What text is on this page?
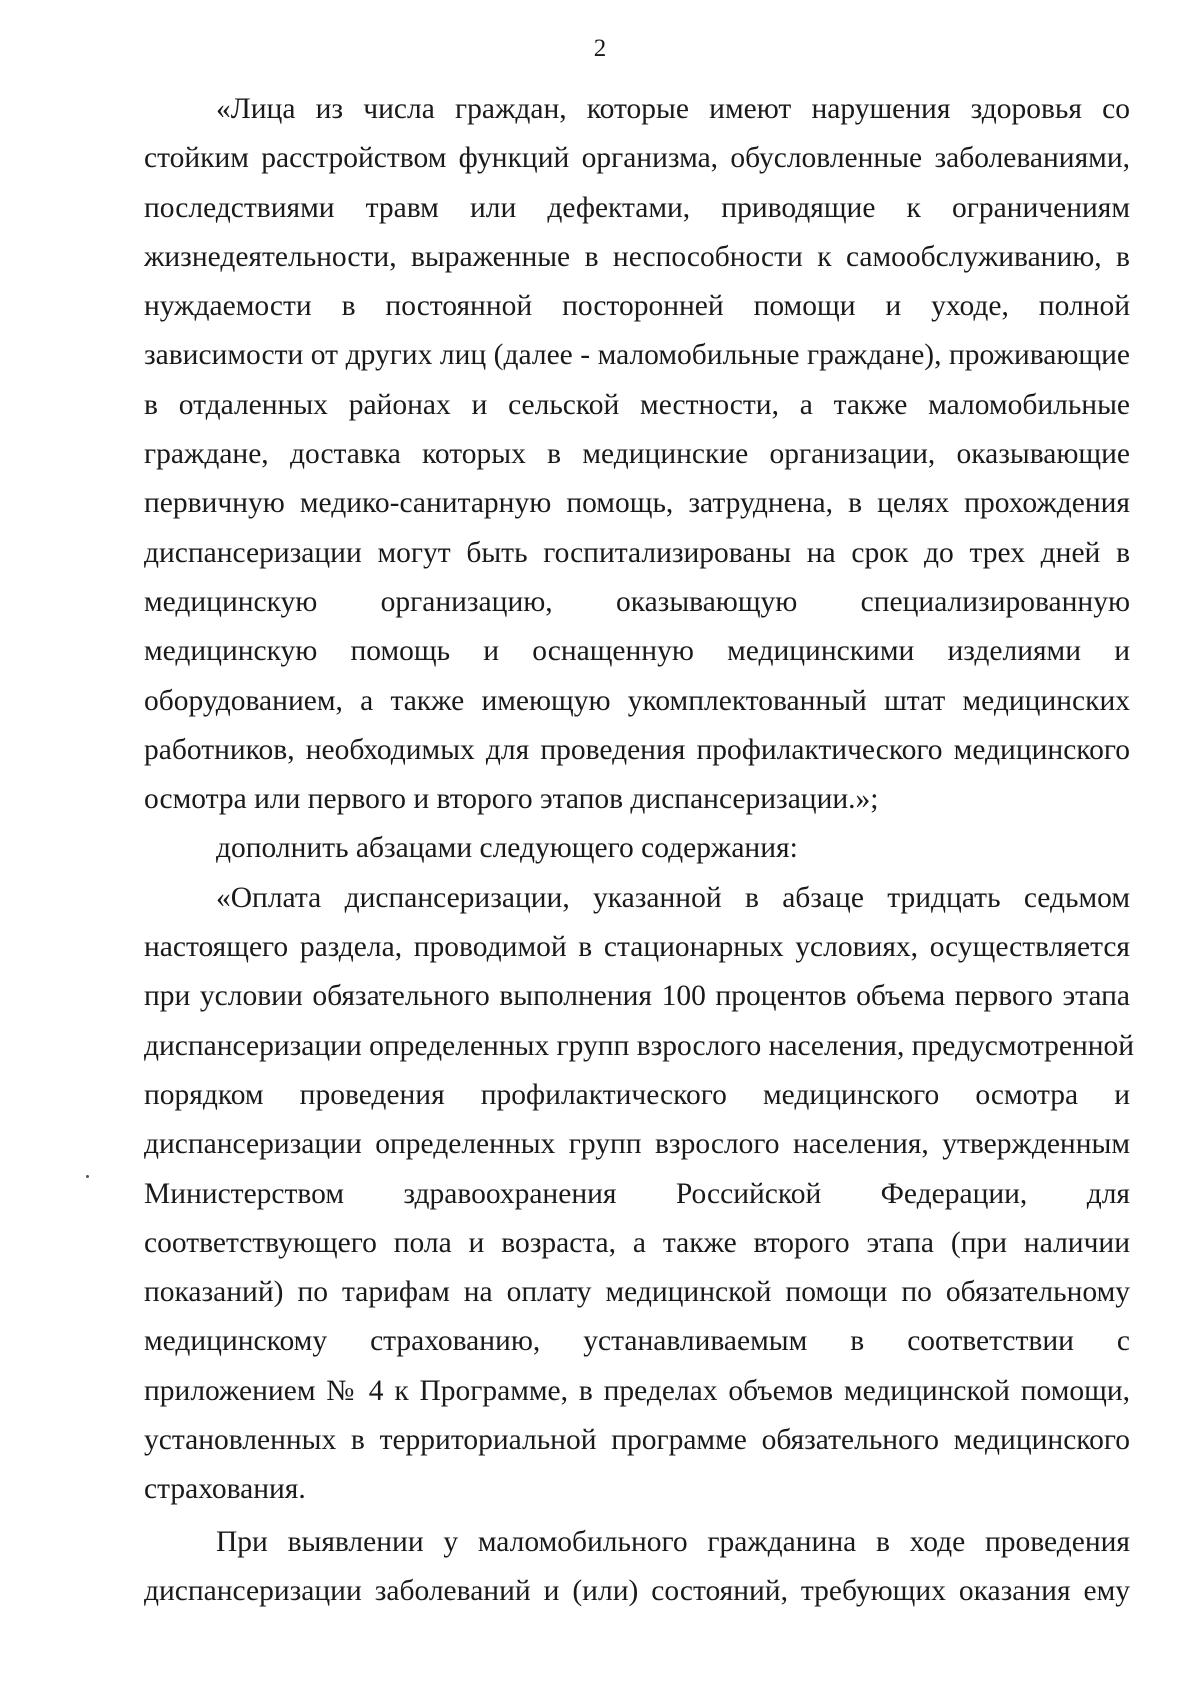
2
«Лица из числа граждан, которые имеют нарушения здоровья со
стойким расстройством функций организма, обусловленные заболеваниями,
последствиями травм или дефектами, приводящие к ограничениям
жизнедеятельности, выраженные в неспособности к самообслуживанию, в
нуждаемости в постоянной посторонней помощи и уходе, полной
зависимости от других лиц (далее - маломобильные граждане), проживающие
в отдаленных районах и сельской местности, а также маломобильные
граждане, доставка которых в медицинские организации, оказывающие
первичную медико-санитарную помощь, затруднена, в целях прохождения
диспансеризации могут быть госпитализированы на срок до трех дней в
медицинскую организацию, оказывающую специализированную
медицинскую помощь и оснащенную медицинскими изделиями и
оборудованием, а также имеющую укомплектованный штат медицинских
работников, необходимых для проведения профилактического медицинского
осмотра или первого и второго этапов диспансеризации.»;
дополнить абзацами следующего содержания:
«Оплата диспансеризации, указанной в абзаце тридцать седьмом
настоящего раздела, проводимой в стационарных условиях, осуществляется
при условии обязательного выполнения 100 процентов объема первого этапа
диспансеризации определенных групп взрослого населения, предусмотренной
порядком проведения профилактического медицинского осмотра и
диспансеризации определенных групп взрослого населения, утвержденным
Министерством здравоохранения Российской Федерации, для
соответствующего пола и возраста, а также второго этапа (при наличии
показаний) по тарифам на оплату медицинской помощи по обязательному
медицинскому страхованию, устанавливаемым в соответствии с
приложением № 4 к Программе, в пределах объемов медицинской помощи,
установленных в территориальной программе обязательного медицинского
страхования.
При выявлении у маломобильного гражданина в ходе проведения
диспансеризации заболеваний и (или) состояний, требующих оказания ему
